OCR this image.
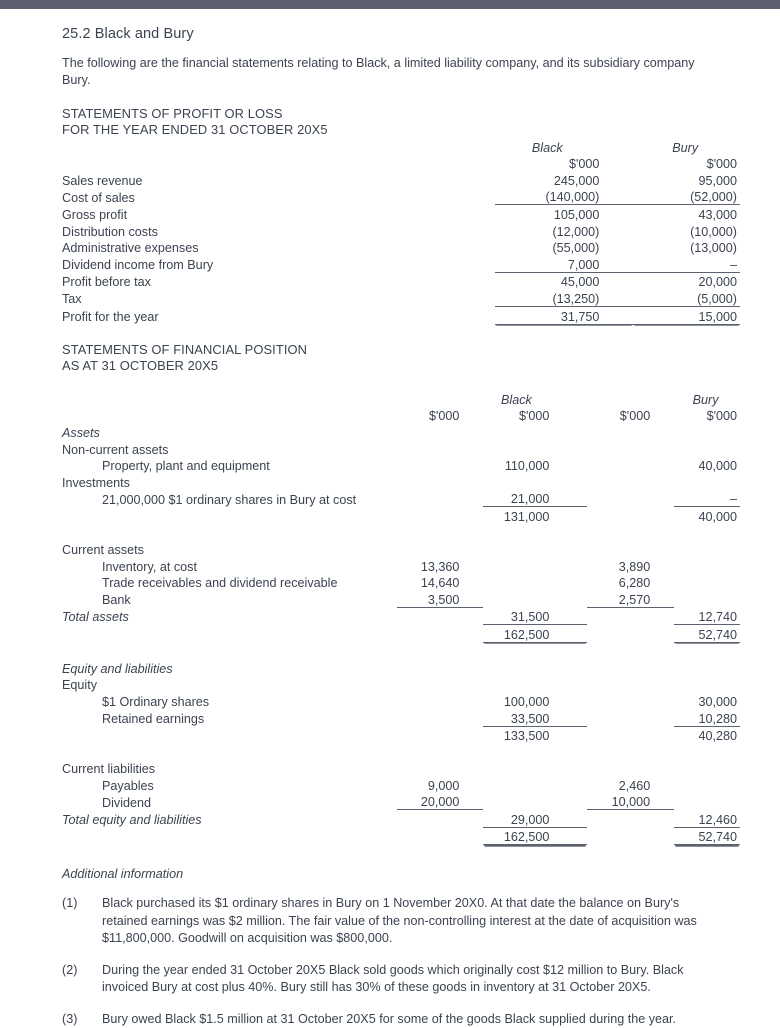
25.2 Black and Bury
The following are the financial statements relating to Black, a limited liability company, and its subsidiary company Bury.
STATEMENTS OF PROFIT OR LOSS
FOR THE YEAR ENDED 31 OCTOBER 20X5
	Black	Bury
	$'000	$'000
Sales revenue	245,000	95,000
Cost of sales	(140,000)	(52,000)
Gross profit	105,000	43,000
Distribution costs	(12,000)	(10,000)
Administrative expenses	(55,000)	(13,000)
Dividend income from Bury	7,000	–
Profit before tax	45,000	20,000
Tax	(13,250)	(5,000)
Profit for the year	31,750	15,000
STATEMENTS OF FINANCIAL POSITION
AS AT 31 OCTOBER 20X5

		Black		Bury
	$'000	$'000	$'000	$'000
Assets				
Non-current assets				
Property, plant and equipment		110,000		40,000
Investments				
21,000,000 $1 ordinary shares in Bury at cost		21,000		–
		131,000		40,000

Current assets				
Inventory, at cost	13,360		3,890	
Trade receivables and dividend receivable	14,640		6,280	
Bank	3,500		2,570	
Total assets		31,500		12,740
		162,500		52,740

Equity and liabilities				
Equity				
$1 Ordinary shares		100,000		30,000
Retained earnings		33,500		10,280
		133,500		40,280

Current liabilities				
Payables	9,000		2,460	
Dividend	20,000		10,000	
Total equity and liabilities		29,000		12,460
		162,500		52,740
Additional information
(1)	Black purchased its $1 ordinary shares in Bury on 1 November 20X0. At that date the balance on Bury's retained earnings was $2 million. The fair value of the non-controlling interest at the date of acquisition was $11,800,000. Goodwill on acquisition was $800,000.
(2)	During the year ended 31 October 20X5 Black sold goods which originally cost $12 million to Bury. Black invoiced Bury at cost plus 40%. Bury still has 30% of these goods in inventory at 31 October 20X5.
(3)	Bury owed Black $1.5 million at 31 October 20X5 for some of the goods Black supplied during the year.
